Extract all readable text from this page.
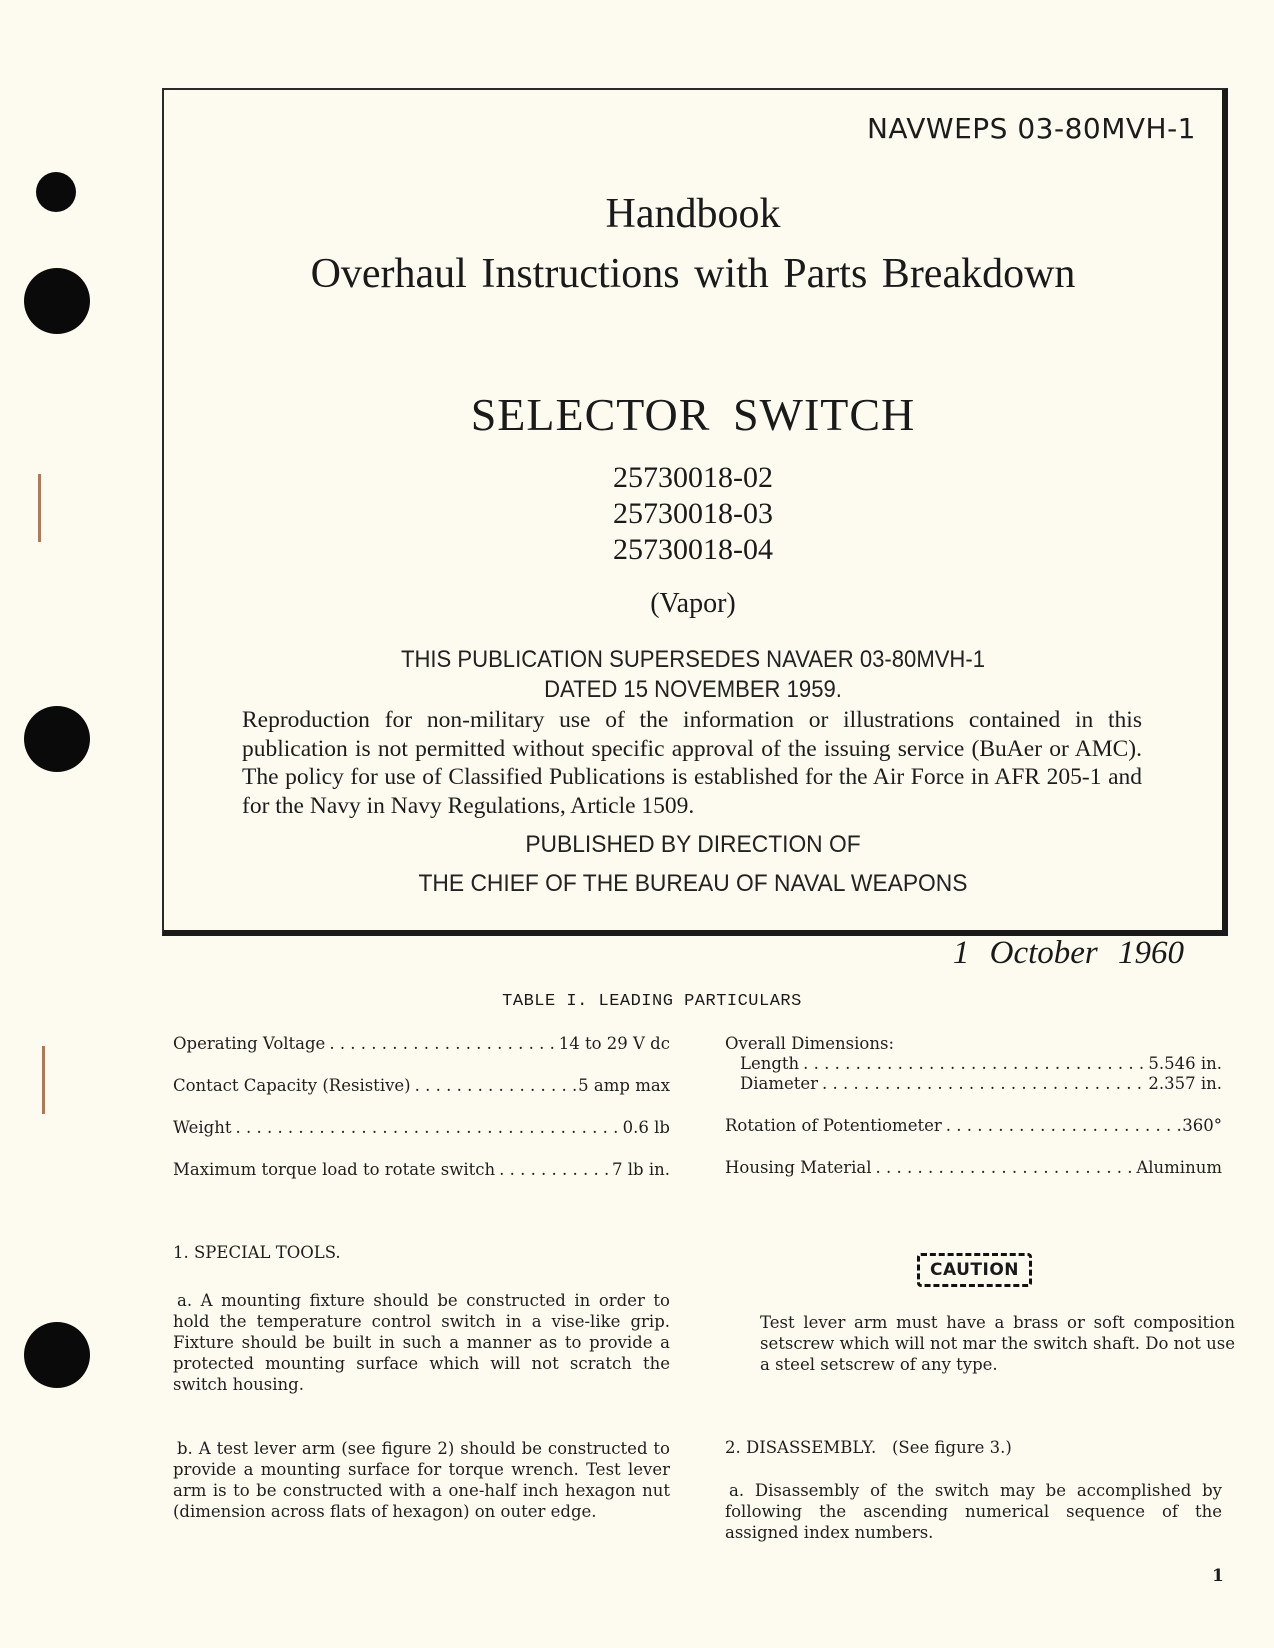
NAVWEPS 03-80MVH-1
Handbook
Overhaul Instructions with Parts Breakdown
SELECTOR SWITCH
25730018-02
25730018-03
25730018-04
(Vapor)
THIS PUBLICATION SUPERSEDES NAVAER 03-80MVH-1
DATED 15 NOVEMBER 1959.
Reproduction for non-military use of the information or illustrations contained in this publication is not permitted without specific approval of the issuing service (BuAer or AMC). The policy for use of Classified Publications is established for the Air Force in AFR 205-1 and for the Navy in Navy Regulations, Article 1509.
PUBLISHED BY DIRECTION OF
THE CHIEF OF THE BUREAU OF NAVAL WEAPONS
1 October 1960
TABLE I. LEADING PARTICULARS
Operating Voltage . . .	14 to 29 V dc
Contact Capacity (Resistive) . . .	5 amp max
Weight . . .	0.6 lb
Maximum torque load to rotate switch . . .	7 lb in.
Overall Dimensions:
Length . . .	5.546 in.
Diameter . . .	2.357 in.
Rotation of Potentiometer . . .	360°
Housing Material . . .	Aluminum
1. SPECIAL TOOLS.
a. A mounting fixture should be constructed in order to hold the temperature control switch in a vise-like grip. Fixture should be built in such a manner as to provide a protected mounting surface which will not scratch the switch housing.
b. A test lever arm (see figure 2) should be constructed to provide a mounting surface for torque wrench. Test lever arm is to be constructed with a one-half inch hexagon nut (dimension across flats of hexagon) on outer edge.
CAUTION
Test lever arm must have a brass or soft composition setscrew which will not mar the switch shaft. Do not use a steel setscrew of any type.
2. DISASSEMBLY.   (See figure 3.)
a. Disassembly of the switch may be accomplished by following the ascending numerical sequence of the assigned index numbers.
1
